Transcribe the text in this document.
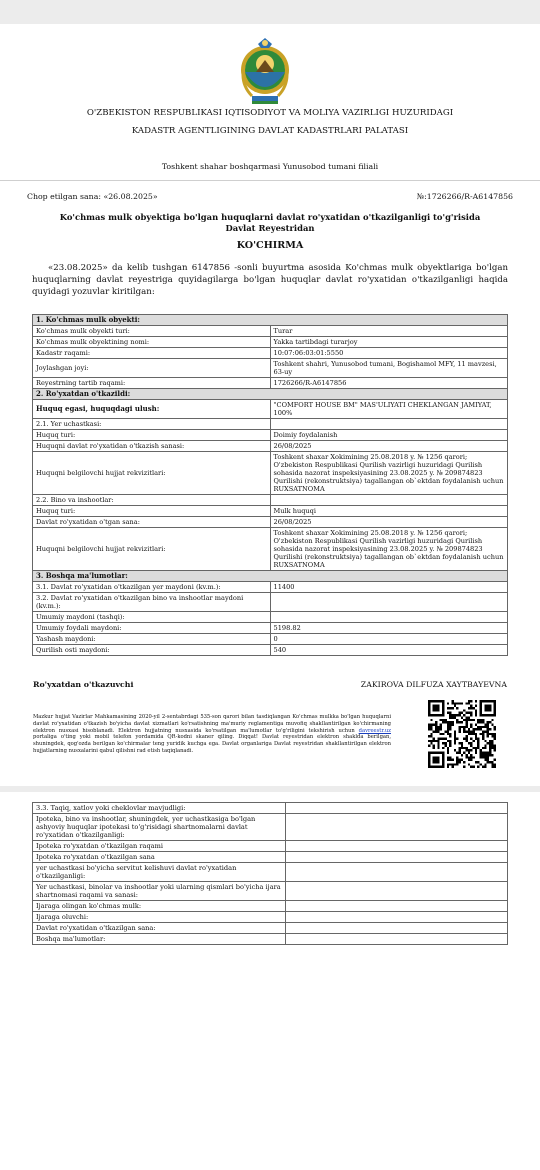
O'ZBEKISTON RESPUBLIKASI IQTISODIYOT VA MOLIYA VAZIRLIGI HUZURIDAGI
KADASTR AGENTLIGINING DAVLAT KADASTRLARI PALATASI
Toshkent shahar boshqarmasi Yunusobod tumani filiali
Chop etilgan sana: «26.08.2025»	№:1726266/R-A6147856
Ko'chmas mulk obyektiga bo'lgan huquqlarni davlat ro'yxatidan o'tkazilganligi to'g'risida Davlat Reyestridan
KO'CHIRMA
«23.08.2025» da kelib tushgan 6147856 -sonli buyurtma asosida Ko'chmas mulk obyektlariga bo'lgan huquqlarning davlat reyestriga quyidagilarga bo'lgan huquqlar davlat ro'yxatidan o'tkazilganligi haqida quyidagi yozuvlar kiritilgan:
1. Ko'chmas mulk obyekti:	
Ko'chmas mulk obyekti turi:	Turar
Ko'chmas mulk obyektining nomi:	Yakka tartibdagi turarjoy
Kadastr raqami:	10:07:06:03:01:5550
Joylashgan joyi:	Toshkent shahri, Yunusobod tumani, Bogishamol MFY, 11 mavzesi, 63-uy
Reyestrning tartib raqami:	1726266/R-A6147856
2. Ro'yxatdan o'tkazildi:	
Huquq egasi, huquqdagi ulush:	"COMFORT HOUSE BM" MAS'ULIYATI CHEKLANGAN JAMIYAT, 100%
2.1. Yer uchastkasi:	
Huquq turi:	Doimiy foydalanish
Huquqni davlat ro'yxatidan o'tkazish sanasi:	26/08/2025
Huquqni belgilovchi hujjat rekvizitlari:	Toshkent shaxar Xokimining 25.08.2018 y. № 1256 qarori; O'zbekiston Respublikasi Qurilish vazirligi huzuridagi Qurilish sohasida nazorat inspeksiyasining 23.08.2025 y. № 209874823 Qurilishi (rekonstruktsiya) tagallangan ob`ektdan foydalanish uchun RUXSATNOMA
2.2. Bino va inshootlar:	
Huquq turi:	Mulk huquqi
Davlat ro'yxatidan o'tgan sana:	26/08/2025
Huquqni belgilovchi hujjat rekvizitlari:	Toshkent shaxar Xokimining 25.08.2018 y. № 1256 qarori; O'zbekiston Respublikasi Qurilish vazirligi huzuridagi Qurilish sohasida nazorat inspeksiyasining 23.08.2025 y. № 209874823 Qurilishi (rekonstruktsiya) tagallangan ob`ektdan foydalanish uchun RUXSATNOMA
3. Boshqa ma'lumotlar:	
3.1. Davlat ro'yxatidan o'tkazilgan yer maydoni (kv.m.):	11400
3.2. Davlat ro'yxatidan o'tkazilgan bino va inshootlar maydoni (kv.m.):	
Umumiy maydoni (tashqi):	
Umumiy foydali maydoni:	5198.82
Yashash maydoni:	0
Qurilish osti maydoni:	540
Ro'yxatdan o'tkazuvchi	ZAKIROVA DILFUZA XAYTBAYEVNA
Mazkur hujjat Vazirlar Mahkamasining 2020-yil 2-sentabrdagi 535-son qarori bilan tasdiqlangan Ko'chmas mulkka bo'lgan huquqlarni davlat ro'yxatidan o'tkazish bo'yicha davlat xizmatlari ko'rsatishning ma'muriy reglamentiga muvofiq shakllantirilgan ko'chirmaning elektron nusxasi hisoblanadi. Elektron hujjatning nusxasida ko'rsatilgan ma'lumotlar to'g'riligini tekshirish uchun davreestr.uz portaliga o'ting yoki mobil telefon yordamida QR-kodni skaner qiling. Diqqat! Davlat reyestridan elektron shaklda berilgan, shuningdek, qog'ozda berilgan ko'chirmalar teng yuridik kuchga ega. Davlat organlariga Davlat reyestridan shakllantirilgan elektron hujjatlarning nusxalarini qabul qilishni rad etish taqiqlanadi.
3.3. Taqiq, xatlov yoki cheklovlar mavjudligi:	
Ipoteka, bino va inshootlar, shuningdek, yer uchastkasiga bo'lgan ashyoviy huquqlar ipotekasi to'g'risidagi shartnomalarni davlat ro'yxatidan o'tkazilganligi:	
Ipoteka ro'yxatdan o'tkazilgan raqami	
Ipoteka ro'yxatdan o'tkazilgan sana	
yer uchastkasi bo'yicha servitut kelishuvi davlat ro'yxatidan o'tkazilganligi:	
Yer uchastkasi, binolar va inshootlar yoki ularning qismlari bo'yicha ijara shartnomasi raqami va sanasi:	
Ijaraga olingan ko'chmas mulk:	
Ijaraga oluvchi:	
Davlat ro'yxatidan o'tkazilgan sana:	
Boshqa ma'lumotlar:	
